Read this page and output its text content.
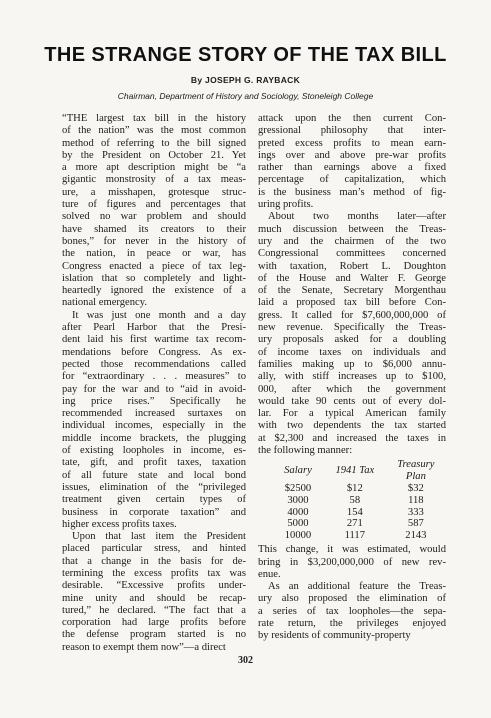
THE STRANGE STORY OF THE TAX BILL
By JOSEPH G. RAYBACK
Chairman, Department of History and Sociology, Stoneleigh College
“THE largest tax bill in the history
of the nation” was the most common
method of referring to the bill signed
by the President on October 21. Yet
a more apt description might be “a
gigantic monstrosity of a tax meas-
ure, a misshapen, grotesque struc-
ture of figures and percentages that
solved no war problem and should
have shamed its creators to their
bones,” for never in the history of
the nation, in peace or war, has
Congress enacted a piece of tax leg-
islation that so completely and light-
heartedly ignored the existence of a
national emergency.
It was just one month and a day
after Pearl Harbor that the Presi-
dent laid his first wartime tax recom-
mendations before Congress. As ex-
pected those recommendations called
for “extraordinary . . . measures” to
pay for the war and to “aid in avoid-
ing price rises.” Specifically he
recommended increased surtaxes on
individual incomes, especially in the
middle income brackets, the plugging
of existing loopholes in income, es-
tate, gift, and profit taxes, taxation
of all future state and local bond
issues, elimination of the “privileged
treatment given certain types of
business in corporate taxation” and
higher excess profits taxes.
Upon that last item the President
placed particular stress, and hinted
that a change in the basis for de-
termining the excess profits tax was
desirable. “Excessive profits under-
mine unity and should be recap-
tured,” he declared. “The fact that a
corporation had large profits before
the defense program started is no
reason to exempt them now”—a direct
attack upon the then current Con-
gressional philosophy that inter-
preted excess profits to mean earn-
ings over and above pre-war profits
rather than earnings above a fixed
percentage of capitalization, which
is the business man’s method of fig-
uring profits.
About two months later—after
much discussion between the Treas-
ury and the chairmen of the two
Congressional committees concerned
with taxation, Robert L. Doughton
of the House and Walter F. George
of the Senate, Secretary Morgenthau
laid a proposed tax bill before Con-
gress. It called for $7,600,000,000 of
new revenue. Specifically the Treas-
ury proposals asked for a doubling
of income taxes on individuals and
families making up to $6,000 annu-
ally, with stiff increases up to $100,
000, after which the government
would take 90 cents out of every dol-
lar. For a typical American family
with two dependents the tax started
at $2,300 and increased the taxes in
the following manner:
Salary	1941 Tax	Treasury
Plan
$2500	$12	$32
3000	58	118
4000	154	333
5000	271	587
10000	1117	2143
This change, it was estimated, would
bring in $3,200,000,000 of new rev-
enue.
As an additional feature the Treas-
ury also proposed the elimination of
a series of tax loopholes—the sepa-
rate return, the privileges enjoyed
by residents of community-property
302
